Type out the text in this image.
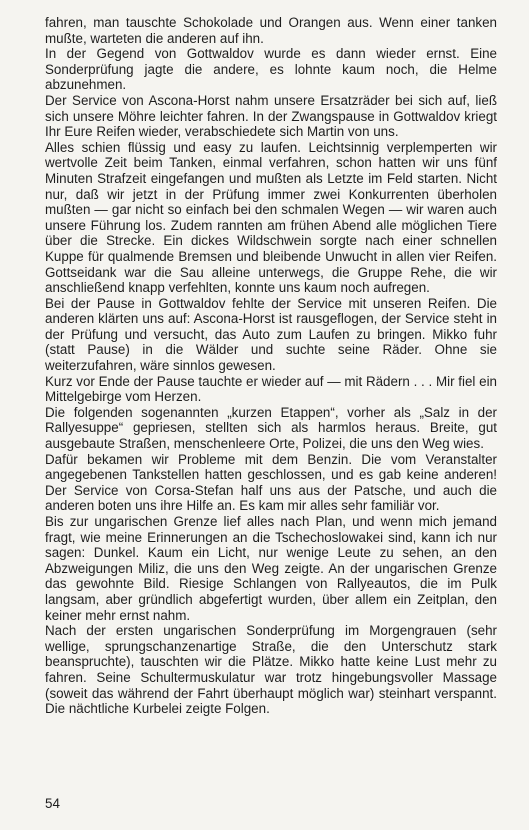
fahren, man tauschte Schokolade und Orangen aus. Wenn einer tanken mußte, warteten die anderen auf ihn.

In der Gegend von Gottwaldov wurde es dann wieder ernst. Eine Sonderprüfung jagte die andere, es lohnte kaum noch, die Helme abzunehmen.

Der Service von Ascona-Horst nahm unsere Ersatzräder bei sich auf, ließ sich unsere Möhre leichter fahren. In der Zwangspause in Gottwaldov kriegt Ihr Eure Reifen wieder, verabschiedete sich Martin von uns.

Alles schien flüssig und easy zu laufen. Leichtsinnig verplemperten wir wertvolle Zeit beim Tanken, einmal verfahren, schon hatten wir uns fünf Minuten Strafzeit eingefangen und mußten als Letzte im Feld starten. Nicht nur, daß wir jetzt in der Prüfung immer zwei Konkurrenten überholen mußten — gar nicht so einfach bei den schmalen Wegen — wir waren auch unsere Führung los. Zudem rannten am frühen Abend alle möglichen Tiere über die Strecke. Ein dickes Wildschwein sorgte nach einer schnellen Kuppe für qualmende Bremsen und bleibende Unwucht in allen vier Reifen. Gottseidank war die Sau alleine unterwegs, die Gruppe Rehe, die wir anschließend knapp verfehlten, konnte uns kaum noch aufregen.

Bei der Pause in Gottwaldov fehlte der Service mit unseren Reifen. Die anderen klärten uns auf: Ascona-Horst ist rausgeflogen, der Service steht in der Prüfung und versucht, das Auto zum Laufen zu bringen. Mikko fuhr (statt Pause) in die Wälder und suchte seine Räder. Ohne sie weiterzufahren, wäre sinnlos gewesen.

Kurz vor Ende der Pause tauchte er wieder auf — mit Rädern . . . Mir fiel ein Mittelgebirge vom Herzen.

Die folgenden sogenannten „kurzen Etappen“, vorher als „Salz in der Rallyesuppe“ gepriesen, stellten sich als harmlos heraus. Breite, gut ausgebaute Straßen, menschenleere Orte, Polizei, die uns den Weg wies.

Dafür bekamen wir Probleme mit dem Benzin. Die vom Veranstalter angegebenen Tankstellen hatten geschlossen, und es gab keine anderen! Der Service von Corsa-Stefan half uns aus der Patsche, und auch die anderen boten uns ihre Hilfe an. Es kam mir alles sehr familiär vor.

Bis zur ungarischen Grenze lief alles nach Plan, und wenn mich jemand fragt, wie meine Erinnerungen an die Tschechoslowakei sind, kann ich nur sagen: Dunkel. Kaum ein Licht, nur wenige Leute zu sehen, an den Abzweigungen Miliz, die uns den Weg zeigte. An der ungarischen Grenze das gewohnte Bild. Riesige Schlangen von Rallyeautos, die im Pulk langsam, aber gründlich abgefertigt wurden, über allem ein Zeitplan, den keiner mehr ernst nahm.

Nach der ersten ungarischen Sonderprüfung im Morgengrauen (sehr wellige, sprungschanzenartige Straße, die den Unterschutz stark beanspruchte), tauschten wir die Plätze. Mikko hatte keine Lust mehr zu fahren. Seine Schultermuskulatur war trotz hingebungsvoller Massage (soweit das während der Fahrt überhaupt möglich war) steinhart verspannt. Die nächtliche Kurbelei zeigte Folgen.

54
